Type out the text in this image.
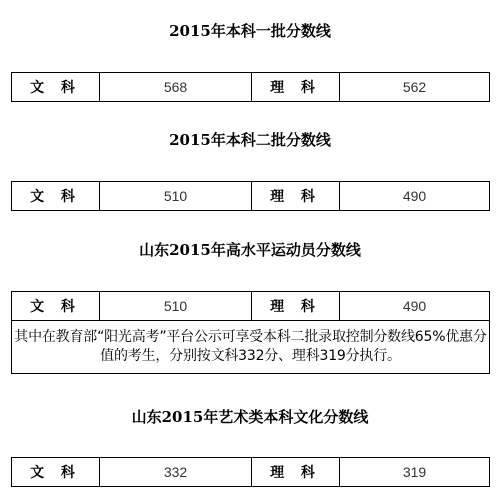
2015年本科一批分数线
文 科	568	理 科	562
2015年本科二批分数线
文 科	510	理 科	490
山东2015年高水平运动员分数线
文 科	510	理 科	490
其中在教育部“阳光高考”平台公示可享受本科二批录取控制分数线65%优惠分值的考生，分别按文科332分、理科319分执行。
山东2015年艺术类本科文化分数线
文 科	332	理 科	319
